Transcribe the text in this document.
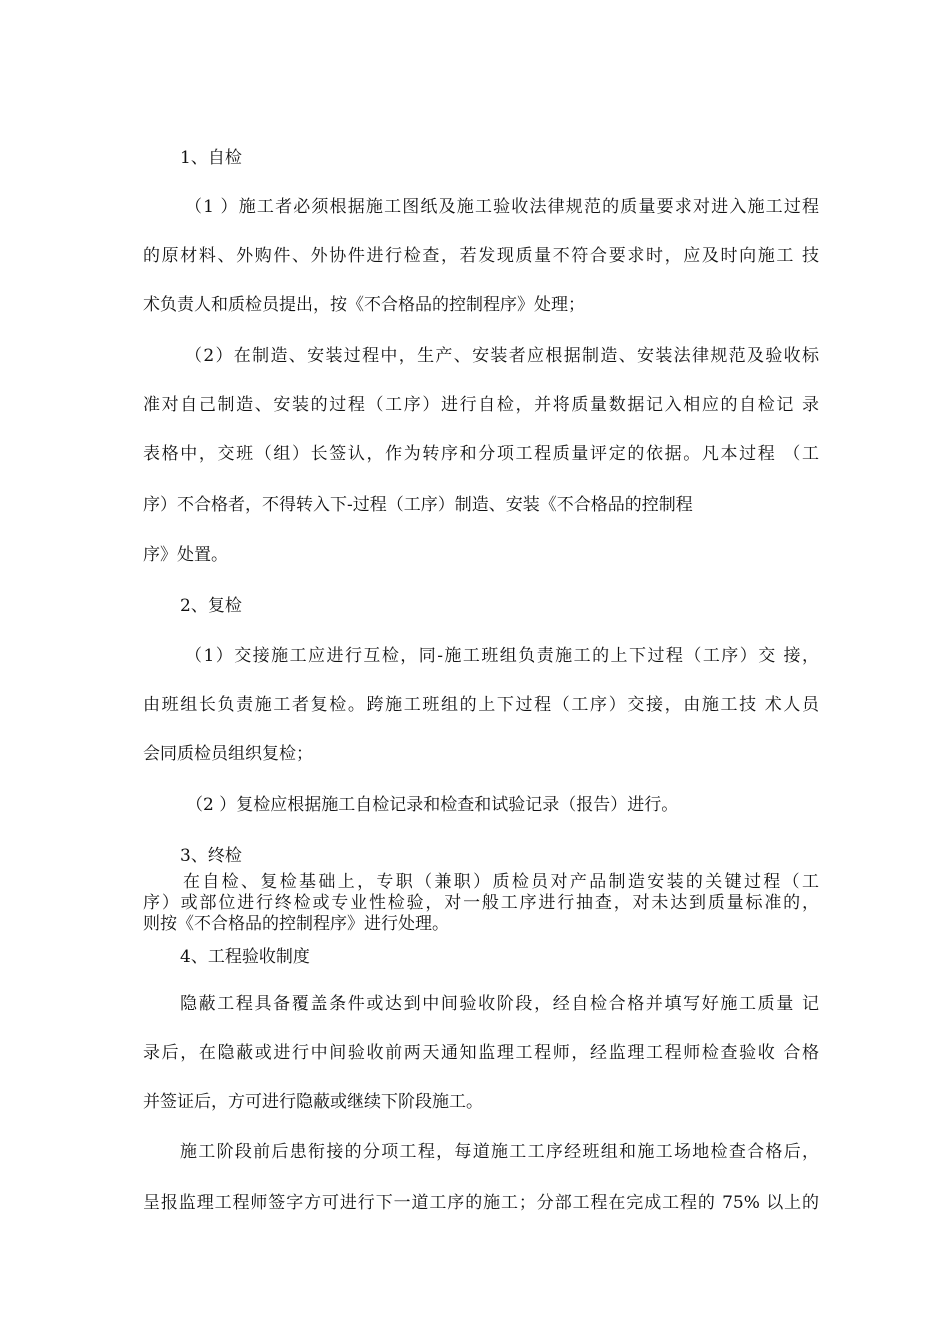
1、自检

（1 ）施工者必须根据施工图纸及施工验收法律规范的质量要求对进入施工过程

的原材料、外购件、外协件进行检查，若发现质量不符合要求时，应及时向施工 技

术负责人和质检员提出，按《不合格品的控制程序》处理；

（2）在制造、安装过程中，生产、安装者应根据制造、安装法律规范及验收标

准对自己制造、安装的过程（工序）进行自检，并将质量数据记入相应的自检记 录

表格中，交班（组）长签认，作为转序和分项工程质量评定的依据。凡本过程 （工

序）不合格者，不得转入下-过程（工序）制造、安装《不合格品的控制程

序》处置。

2、复检

（1）交接施工应进行互检，同-施工班组负责施工的上下过程（工序）交 接，

由班组长负责施工者复检。跨施工班组的上下过程（工序）交接，由施工技 术人员

会同质检员组织复检；

（2 ）复检应根据施工自检记录和检查和试验记录（报告）进行。

3、终检

在自检、复检基础上，专职（兼职）质检员对产品制造安装的关键过程（工

序）或部位进行终检或专业性检验，对一般工序进行抽查，对未达到质量标准的，

则按《不合格品的控制程序》进行处理。

4、工程验收制度

隐蔽工程具备覆盖条件或达到中间验收阶段，经自检合格并填写好施工质量 记

录后，在隐蔽或进行中间验收前两天通知监理工程师，经监理工程师检查验收 合格

并签证后，方可进行隐蔽或继续下阶段施工。

施工阶段前后患衔接的分项工程，每道施工工序经班组和施工场地检查合格后，

呈报监理工程师签字方可进行下一道工序的施工；分部工程在完成工程的 75% 以上的
